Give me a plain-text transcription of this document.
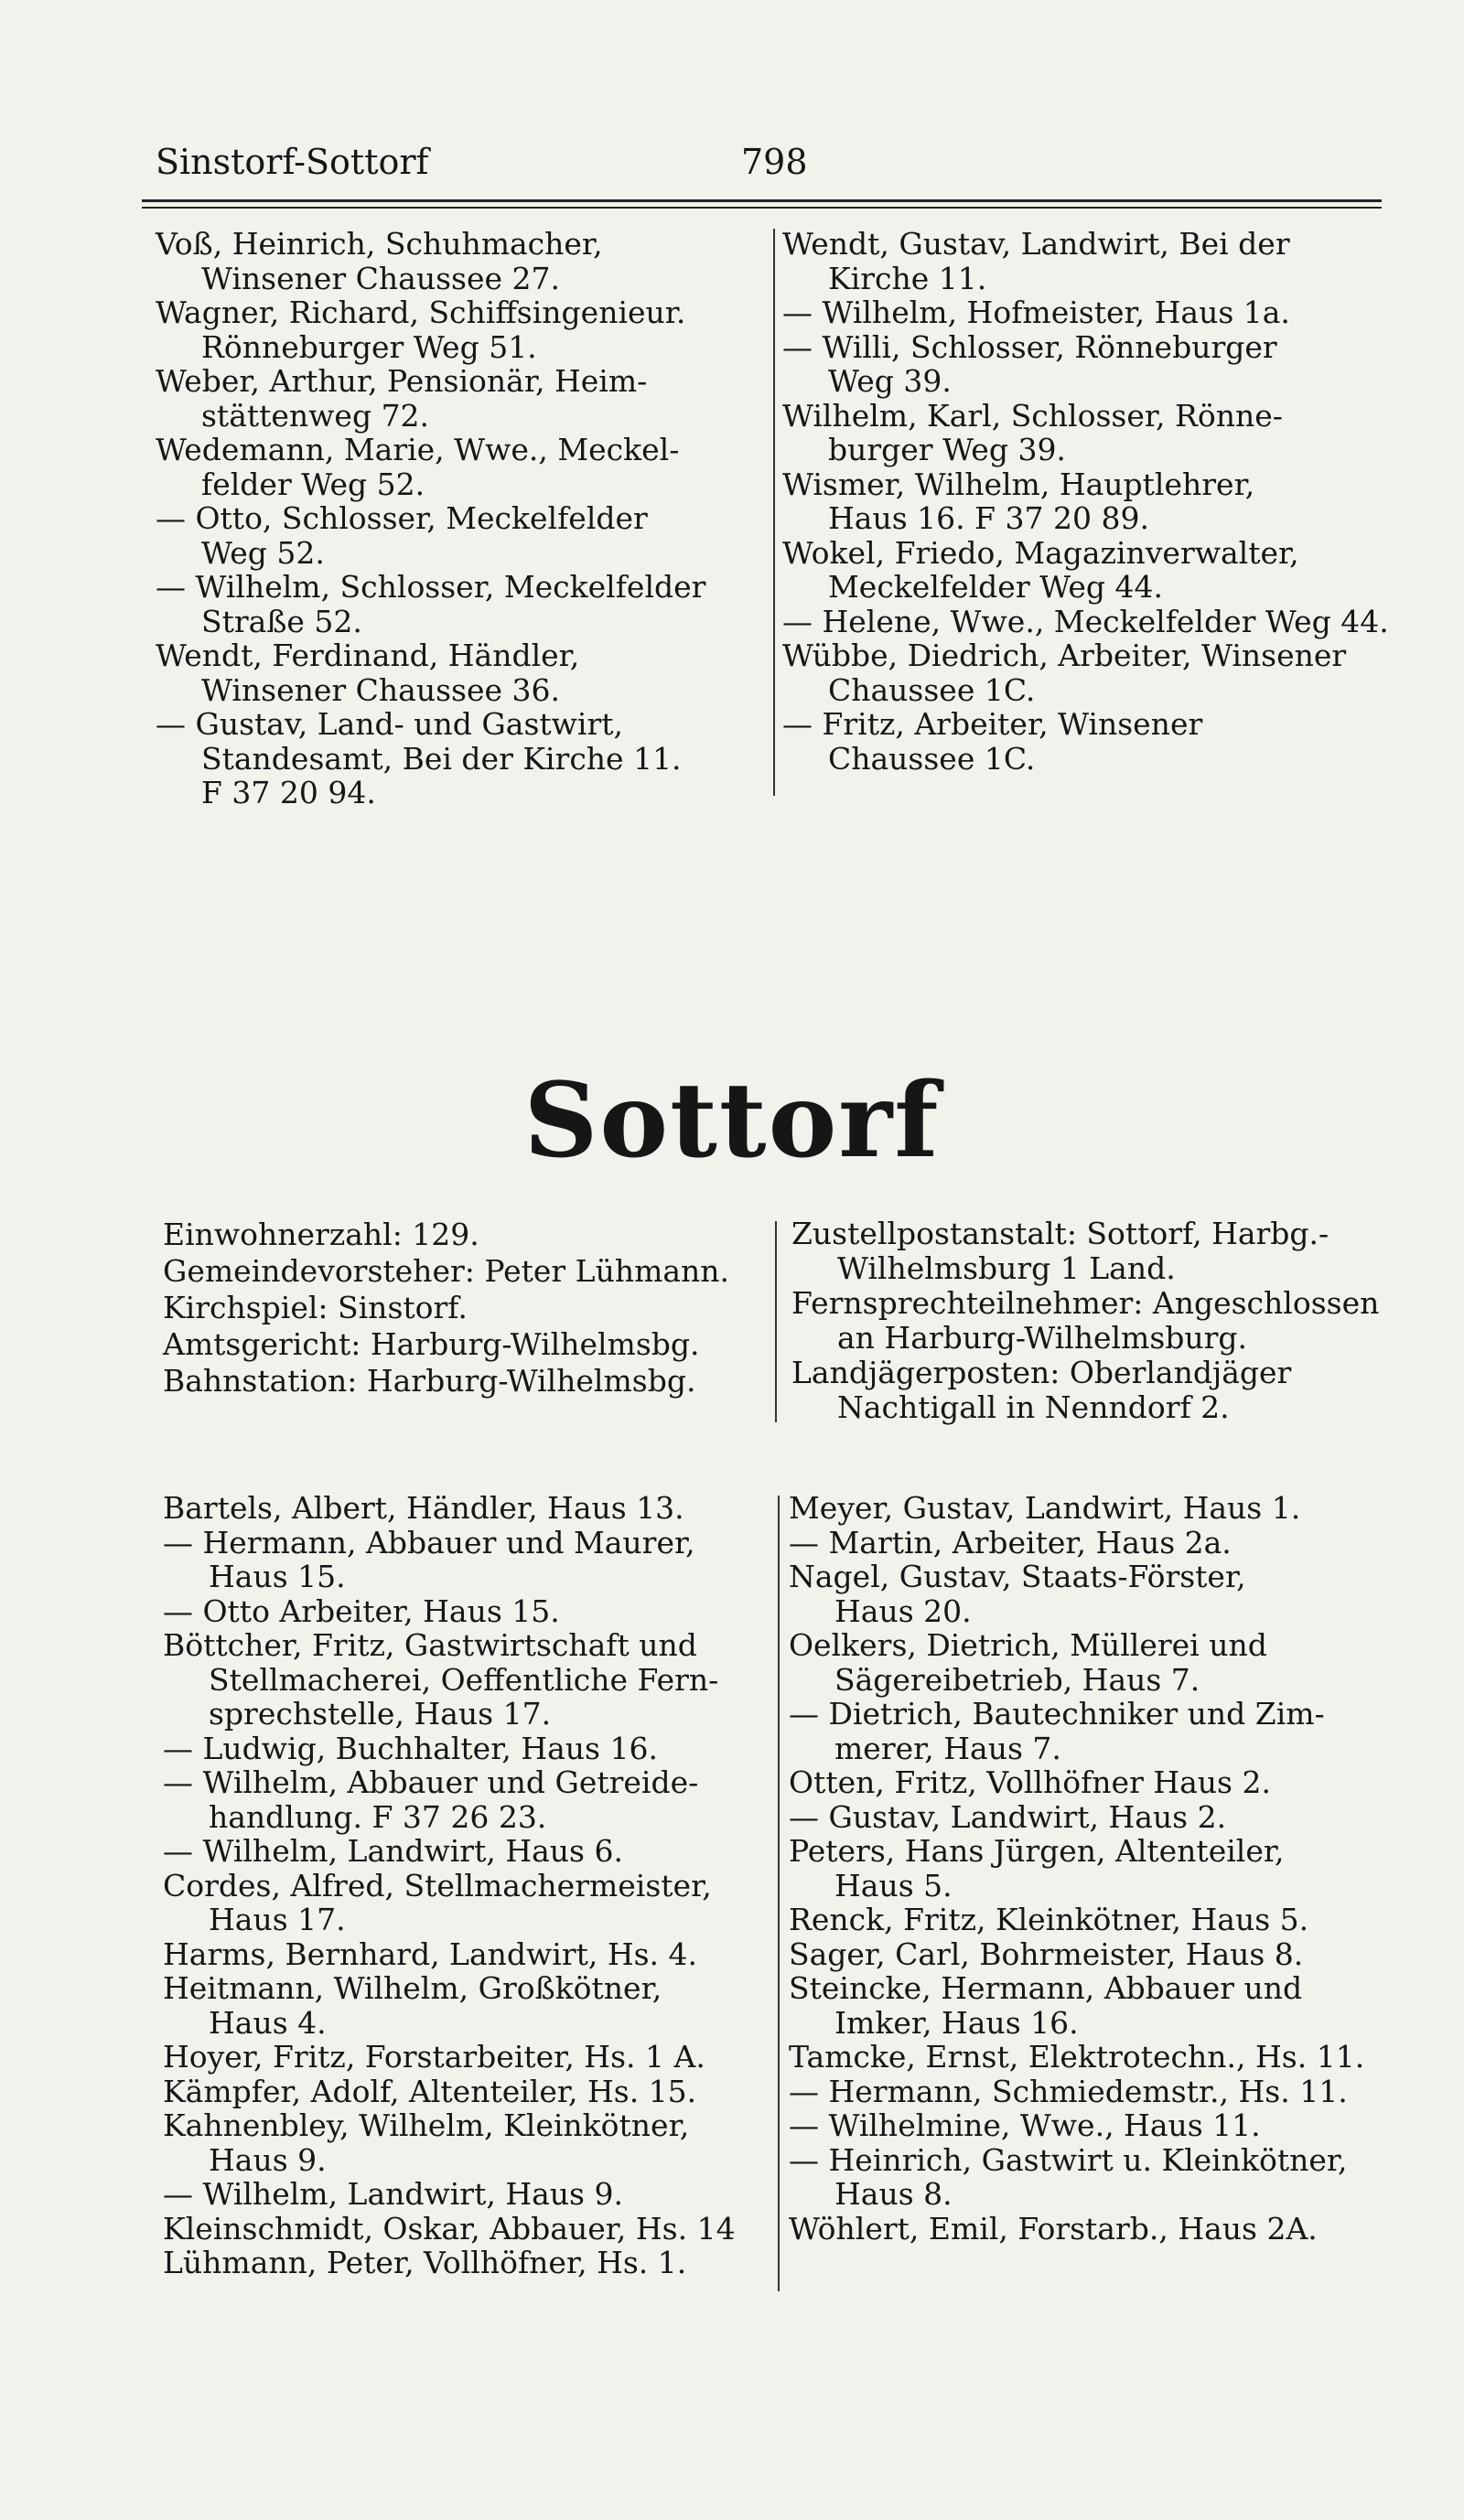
Sinstorf-Sottorf	798

Voß, Heinrich, Schuhmacher,

Winsener Chaussee 27.

Wagner, Richard, Schiffsingenieur.

Rönneburger Weg 51.

Weber, Arthur, Pensionär, Heim-

stättenweg 72.

Wedemann, Marie, Wwe., Meckel-

felder Weg 52.

— Otto, Schlosser, Meckelfelder

Weg 52.

— Wilhelm, Schlosser, Meckelfelder

Straße 52.

Wendt, Ferdinand, Händler,

Winsener Chaussee 36.

— Gustav, Land- und Gastwirt,

Standesamt, Bei der Kirche 11.

F 37 20 94.

Wendt, Gustav, Landwirt, Bei der

Kirche 11.

— Wilhelm, Hofmeister, Haus 1a.

— Willi, Schlosser, Rönneburger

Weg 39.

Wilhelm, Karl, Schlosser, Rönne-

burger Weg 39.

Wismer, Wilhelm, Hauptlehrer,

Haus 16. F 37 20 89.

Wokel, Friedo, Magazinverwalter,

Meckelfelder Weg 44.

— Helene, Wwe., Meckelfelder Weg 44.

Wübbe, Diedrich, Arbeiter, Winsener

Chaussee 1C.

— Fritz, Arbeiter, Winsener

Chaussee 1C.

Sottorf

Einwohnerzahl: 129.

Gemeindevorsteher: Peter Lühmann.

Kirchspiel: Sinstorf.

Amtsgericht: Harburg-Wilhelmsbg.

Bahnstation: Harburg-Wilhelmsbg.

Zustellpostanstalt: Sottorf, Harbg.-

Wilhelmsburg 1 Land.

Fernsprechteilnehmer: Angeschlossen

an Harburg-Wilhelmsburg.

Landjägerposten: Oberlandjäger

Nachtigall in Nenndorf 2.

Bartels, Albert, Händler, Haus 13.

— Hermann, Abbauer und Maurer,

Haus 15.

— Otto Arbeiter, Haus 15.

Böttcher, Fritz, Gastwirtschaft und

Stellmacherei, Oeffentliche Fern-

sprechstelle, Haus 17.

— Ludwig, Buchhalter, Haus 16.

— Wilhelm, Abbauer und Getreide-

handlung. F 37 26 23.

— Wilhelm, Landwirt, Haus 6.

Cordes, Alfred, Stellmachermeister,

Haus 17.

Harms, Bernhard, Landwirt, Hs. 4.

Heitmann, Wilhelm, Großkötner,

Haus 4.

Hoyer, Fritz, Forstarbeiter, Hs. 1 A.

Kämpfer, Adolf, Altenteiler, Hs. 15.

Kahnenbley, Wilhelm, Kleinkötner,

Haus 9.

— Wilhelm, Landwirt, Haus 9.

Kleinschmidt, Oskar, Abbauer, Hs. 14

Lühmann, Peter, Vollhöfner, Hs. 1.

Meyer, Gustav, Landwirt, Haus 1.

— Martin, Arbeiter, Haus 2a.

Nagel, Gustav, Staats-Förster,

Haus 20.

Oelkers, Dietrich, Müllerei und

Sägereibetrieb, Haus 7.

— Dietrich, Bautechniker und Zim-

merer, Haus 7.

Otten, Fritz, Vollhöfner Haus 2.

— Gustav, Landwirt, Haus 2.

Peters, Hans Jürgen, Altenteiler,

Haus 5.

Renck, Fritz, Kleinkötner, Haus 5.

Sager, Carl, Bohrmeister, Haus 8.

Steincke, Hermann, Abbauer und

Imker, Haus 16.

Tamcke, Ernst, Elektrotechn., Hs. 11.

— Hermann, Schmiedemstr., Hs. 11.

— Wilhelmine, Wwe., Haus 11.

— Heinrich, Gastwirt u. Kleinkötner,

Haus 8.

Wöhlert, Emil, Forstarb., Haus 2A.
